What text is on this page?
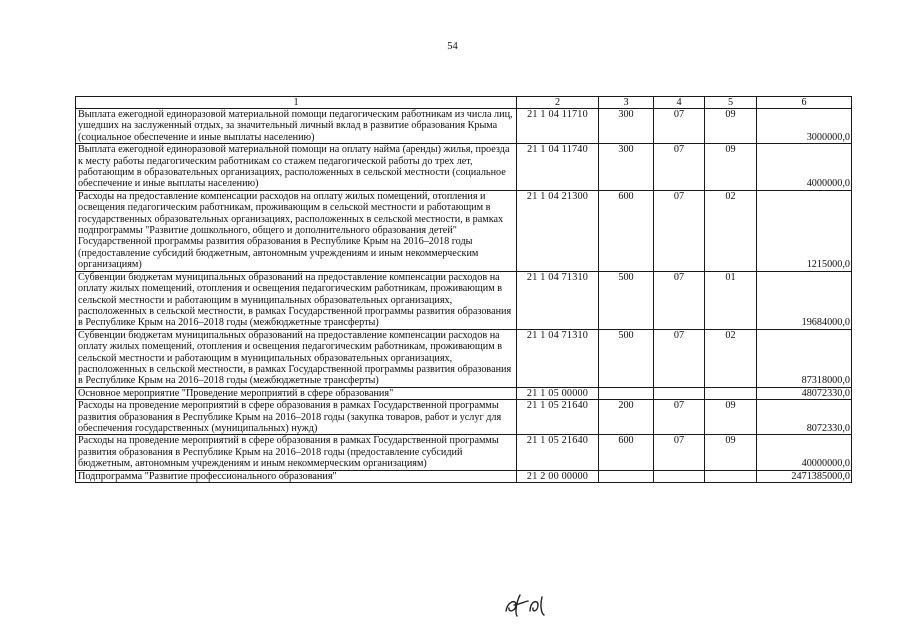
54
1	2	3	4	5	6
Выплата ежегодной единоразовой материальной помощи педагогическим работникам из числа лиц, ушедших на заслуженный отдых, за значительный личный вклад в развитие образования Крыма (социальное обеспечение и иные выплаты населению)	21 1 04 11710	300	07	09	3000000,0
Выплата ежегодной единоразовой материальной помощи на оплату найма (аренды) жилья, проезда к месту работы педагогическим работникам со стажем педагогической работы до трех лет, работающим в образовательных организациях, расположенных в сельской местности (социальное обеспечение и иные выплаты населению)	21 1 04 11740	300	07	09	4000000,0
Расходы на предоставление компенсации расходов на оплату жилых помещений, отопления и освещения педагогическим работникам, проживающим в сельской местности и работающим в государственных образовательных организациях, расположенных в сельской местности, в рамках подпрограммы "Развитие дошкольного, общего и дополнительного образования детей" Государственной программы развития образования в Республике Крым на 2016–2018 годы (предоставление субсидий бюджетным, автономным учреждениям и иным некоммерческим организациям)	21 1 04 21300	600	07	02	1215000,0
Субвенции бюджетам муниципальных образований на предоставление компенсации расходов на оплату жилых помещений, отопления и освещения педагогическим работникам, проживающим в сельской местности и работающим в муниципальных образовательных организациях, расположенных в сельской местности, в рамках Государственной программы развития образования в Республике Крым на 2016–2018 годы (межбюджетные трансферты)	21 1 04 71310	500	07	01	19684000,0
Субвенции бюджетам муниципальных образований на предоставление компенсации расходов на оплату жилых помещений, отопления и освещения педагогическим работникам, проживающим в сельской местности и работающим в муниципальных образовательных организациях, расположенных в сельской местности, в рамках Государственной программы развития образования в Республике Крым на 2016–2018 годы (межбюджетные трансферты)	21 1 04 71310	500	07	02	87318000,0
Основное мероприятие "Проведение мероприятий в сфере образования"	21 1 05 00000				48072330,0
Расходы на проведение мероприятий в сфере образования в рамках Государственной программы развития образования в Республике Крым на 2016–2018 годы (закупка товаров, работ и услуг для обеспечения государственных (муниципальных) нужд)	21 1 05 21640	200	07	09	8072330,0
Расходы на проведение мероприятий в сфере образования в рамках Государственной программы развития образования в Республике Крым на 2016–2018 годы (предоставление субсидий бюджетным, автономным учреждениям и иным некоммерческим организациям)	21 1 05 21640	600	07	09	40000000,0
Подпрограмма "Развитие профессионального образования"	21 2 00 00000				2471385000,0
